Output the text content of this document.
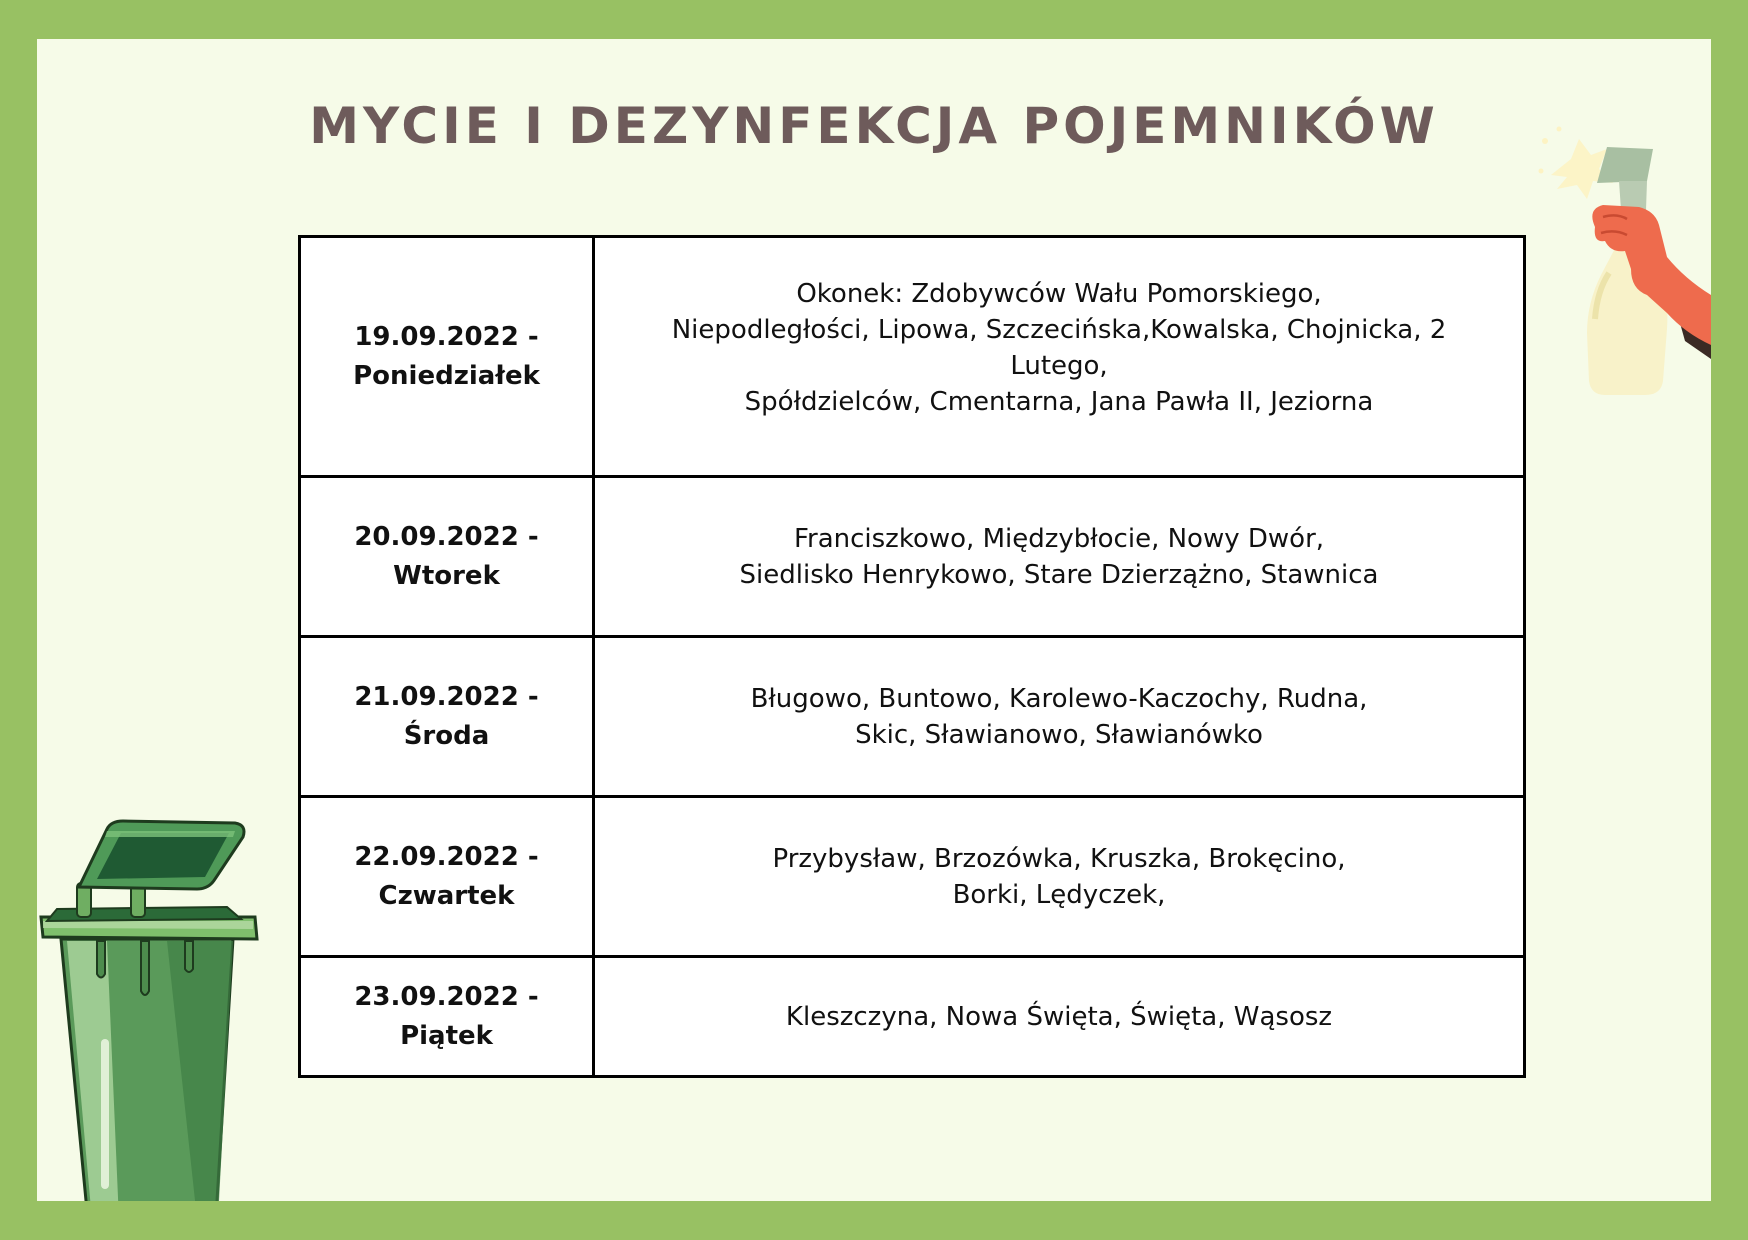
MYCIE I DEZYNFEKCJA POJEMNIKÓW
19.09.2022 -
Poniedziałek	Okonek: Zdobywców Wału Pomorskiego,
Niepodległości, Lipowa, Szczecińska,Kowalska, Chojnicka, 2 Lutego,
Spółdzielców, Cmentarna, Jana Pawła II, Jeziorna

20.09.2022 -
Wtorek	Franciszkowo, Międzybłocie, Nowy Dwór,
Siedlisko Henrykowo, Stare Dzierzążno, Stawnica

21.09.2022 -
Środa	Bługowo, Buntowo, Karolewo-Kaczochy, Rudna,
Skic, Sławianowo, Sławianówko

22.09.2022 -
Czwartek	Przybysław, Brzozówka, Kruszka, Brokęcino,
Borki, Lędyczek,

23.09.2022 -
Piątek	Kleszczyna, Nowa Święta, Święta, Wąsosz
